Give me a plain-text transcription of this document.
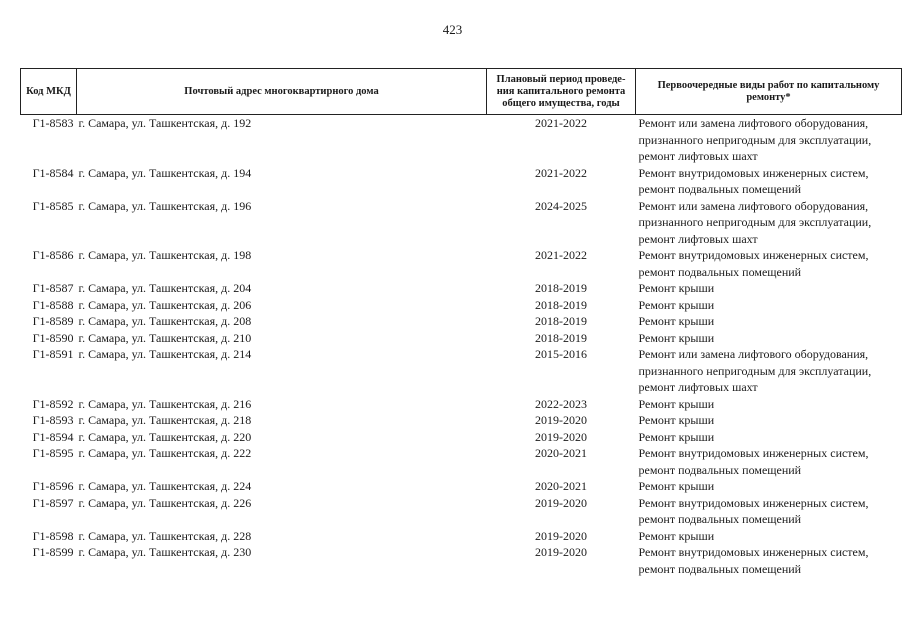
423
Код МКД	Почтовый адрес многоквартирного дома	Плановый период проведе-
ния капитального ремонта
общего имущества, годы	Первоочередные виды работ по капитальному
ремонту*

Г1-8583	г. Самара, ул. Ташкентская, д. 192	2021-2022	Ремонт или замена лифтового оборудования,
признанного непригодным для эксплуатации,
ремонт лифтовых шахт

Г1-8584	г. Самара, ул. Ташкентская, д. 194	2021-2022	Ремонт внутридомовых инженерных систем,
ремонт подвальных помещений

Г1-8585	г. Самара, ул. Ташкентская, д. 196	2024-2025	Ремонт или замена лифтового оборудования,
признанного непригодным для эксплуатации,
ремонт лифтовых шахт

Г1-8586	г. Самара, ул. Ташкентская, д. 198	2021-2022	Ремонт внутридомовых инженерных систем,
ремонт подвальных помещений

Г1-8587	г. Самара, ул. Ташкентская, д. 204	2018-2019	Ремонт крыши

Г1-8588	г. Самара, ул. Ташкентская, д. 206	2018-2019	Ремонт крыши

Г1-8589	г. Самара, ул. Ташкентская, д. 208	2018-2019	Ремонт крыши

Г1-8590	г. Самара, ул. Ташкентская, д. 210	2018-2019	Ремонт крыши

Г1-8591	г. Самара, ул. Ташкентская, д. 214	2015-2016	Ремонт или замена лифтового оборудования,
признанного непригодным для эксплуатации,
ремонт лифтовых шахт

Г1-8592	г. Самара, ул. Ташкентская, д. 216	2022-2023	Ремонт крыши

Г1-8593	г. Самара, ул. Ташкентская, д. 218	2019-2020	Ремонт крыши

Г1-8594	г. Самара, ул. Ташкентская, д. 220	2019-2020	Ремонт крыши

Г1-8595	г. Самара, ул. Ташкентская, д. 222	2020-2021	Ремонт внутридомовых инженерных систем,
ремонт подвальных помещений

Г1-8596	г. Самара, ул. Ташкентская, д. 224	2020-2021	Ремонт крыши

Г1-8597	г. Самара, ул. Ташкентская, д. 226	2019-2020	Ремонт внутридомовых инженерных систем,
ремонт подвальных помещений

Г1-8598	г. Самара, ул. Ташкентская, д. 228	2019-2020	Ремонт крыши

Г1-8599	г. Самара, ул. Ташкентская, д. 230	2019-2020	Ремонт внутридомовых инженерных систем,
ремонт подвальных помещений
